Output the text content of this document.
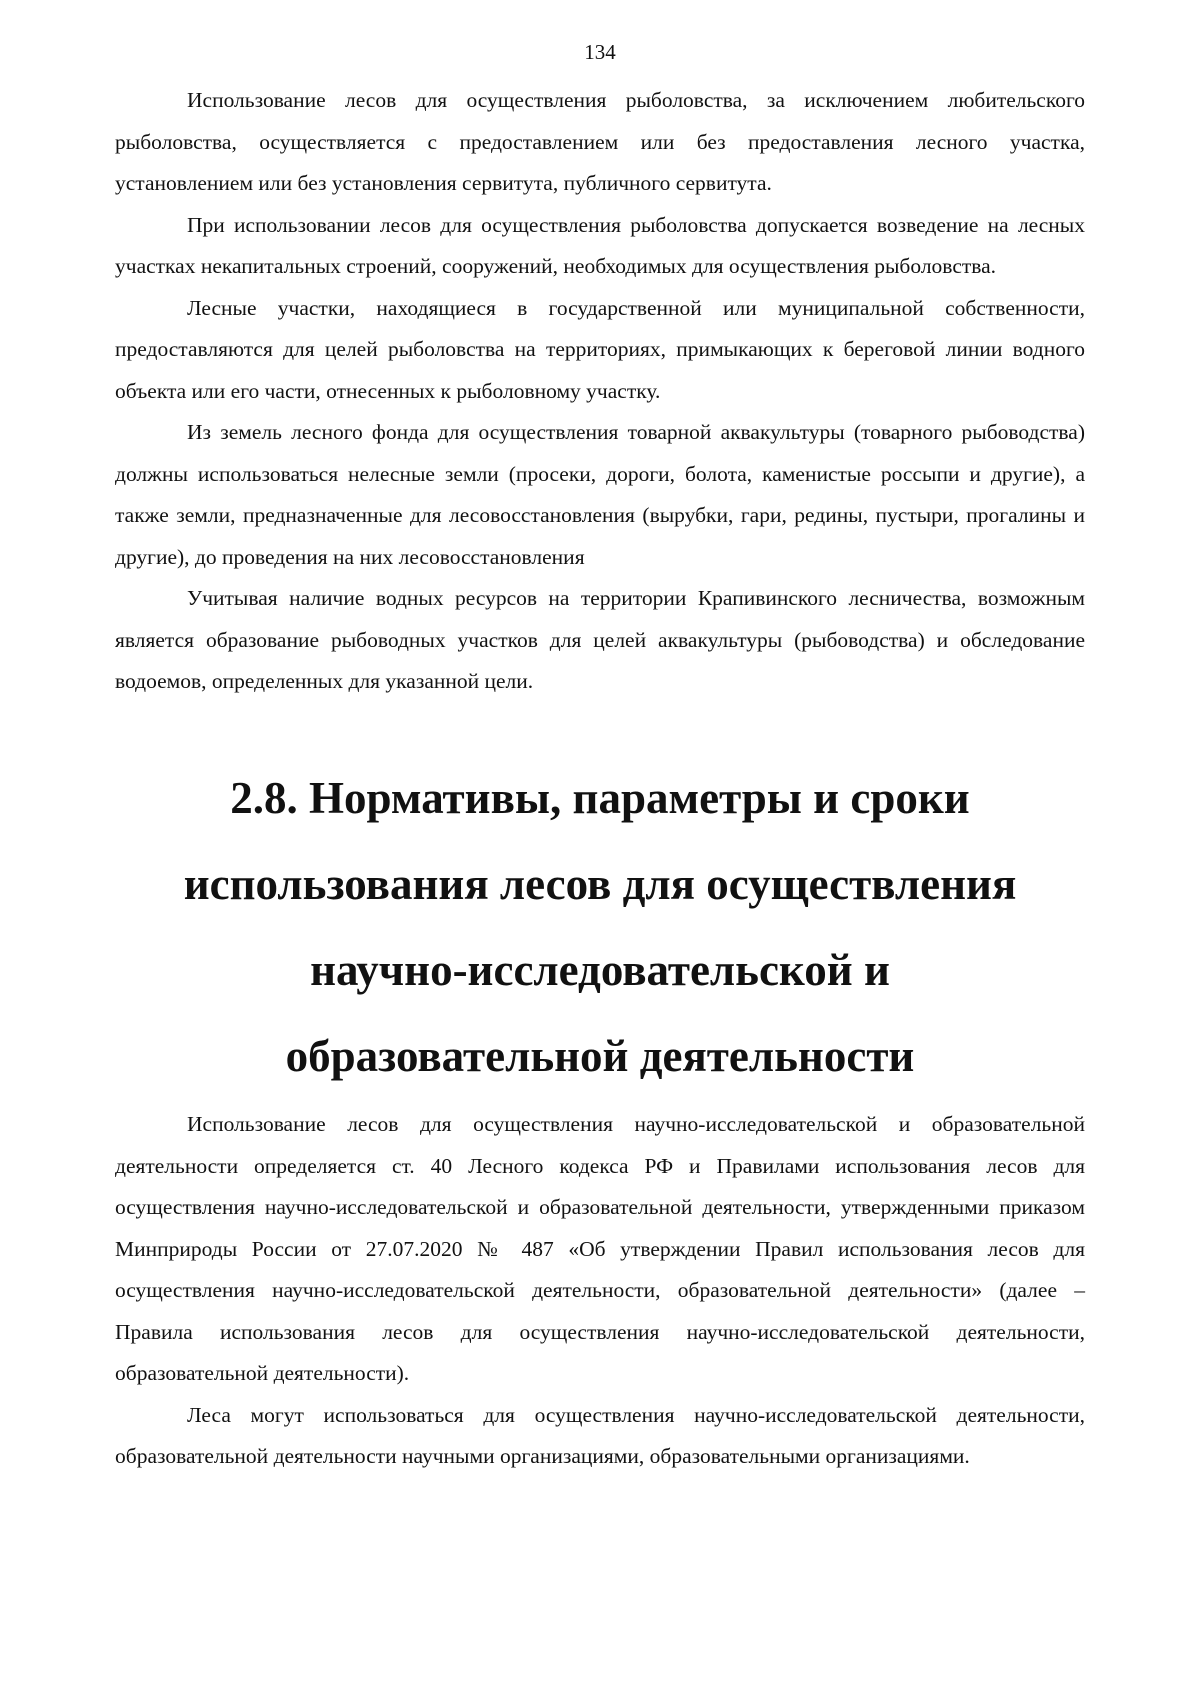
134

Использование лесов для осуществления рыболовства, за исключением любительского рыболовства, осуществляется с предоставлением или без предоставления лесного участка, установлением или без установления сервитута, публичного сервитута.

При использовании лесов для осуществления рыболовства допускается возведение на лесных участках некапитальных строений, сооружений, необходимых для осуществления рыболовства.

Лесные участки, находящиеся в государственной или муниципальной собственности, предоставляются для целей рыболовства на территориях, примыкающих к береговой линии водного объекта или его части, отнесенных к рыболовному участку.

Из земель лесного фонда для осуществления товарной аквакультуры (товарного рыбоводства) должны использоваться нелесные земли (просеки, дороги, болота, каменистые россыпи и другие), а также земли, предназначенные для лесовосстановления (вырубки, гари, редины, пустыри, прогалины и другие), до проведения на них лесовосстановления

Учитывая наличие водных ресурсов на территории Крапивинского лесничества, возможным является образование рыбоводных участков для целей аквакультуры (рыбоводства) и обследование водоемов, определенных для указанной цели.

2.8. Нормативы, параметры и сроки
использования лесов для осуществления
научно-исследовательской и
образовательной деятельности

Использование лесов для осуществления научно-исследовательской и образовательной деятельности определяется ст. 40 Лесного кодекса РФ и Правилами использования лесов для осуществления научно-исследовательской и образовательной деятельности, утвержденными приказом Минприроды России от 27.07.2020 № 487 «Об утверждении Правил использования лесов для осуществления научно-исследовательской деятельности, образовательной деятельности» (далее – Правила использования лесов для осуществления научно-исследовательской деятельности, образовательной деятельности).

Леса могут использоваться для осуществления научно-исследовательской деятельности, образовательной деятельности научными организациями, образовательными организациями.
